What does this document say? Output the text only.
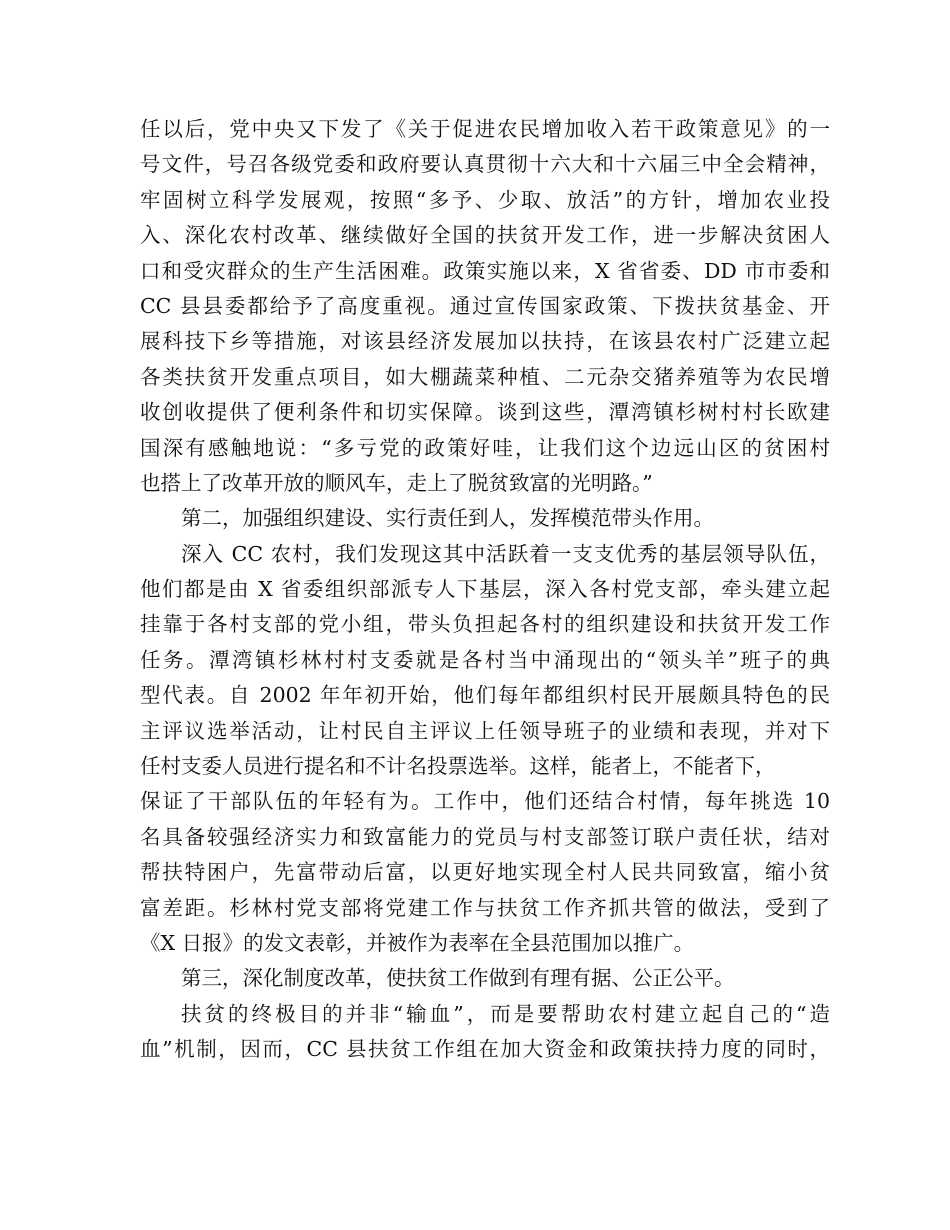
任以后，党中央又下发了《关于促进农民增加收入若干政策意见》的一
号文件，号召各级党委和政府要认真贯彻十六大和十六届三中全会精神，
牢固树立科学发展观，按照“多予、少取、放活”的方针，增加农业投
入、深化农村改革、继续做好全国的扶贫开发工作，进一步解决贫困人
口和受灾群众的生产生活困难。政策实施以来，X 省省委、DD 市市委和
CC 县县委都给予了高度重视。通过宣传国家政策、下拨扶贫基金、开
展科技下乡等措施，对该县经济发展加以扶持，在该县农村广泛建立起
各类扶贫开发重点项目，如大棚蔬菜种植、二元杂交猪养殖等为农民增
收创收提供了便利条件和切实保障。谈到这些，潭湾镇杉树村村长欧建
国深有感触地说：“多亏党的政策好哇，让我们这个边远山区的贫困村
也搭上了改革开放的顺风车，走上了脱贫致富的光明路。”
第二，加强组织建设、实行责任到人，发挥模范带头作用。
深入 CC 农村，我们发现这其中活跃着一支支优秀的基层领导队伍，
他们都是由 X 省委组织部派专人下基层，深入各村党支部，牵头建立起
挂靠于各村支部的党小组，带头负担起各村的组织建设和扶贫开发工作
任务。潭湾镇杉林村村支委就是各村当中涌现出的“领头羊”班子的典
型代表。自 2002 年年初开始，他们每年都组织村民开展颇具特色的民
主评议选举活动，让村民自主评议上任领导班子的业绩和表现，并对下
任村支委人员进行提名和不计名投票选举。这样，能者上，不能者下，
保证了干部队伍的年轻有为。工作中，他们还结合村情，每年挑选 10
名具备较强经济实力和致富能力的党员与村支部签订联户责任状，结对
帮扶特困户，先富带动后富，以更好地实现全村人民共同致富，缩小贫
富差距。杉林村党支部将党建工作与扶贫工作齐抓共管的做法，受到了
《X 日报》的发文表彰，并被作为表率在全县范围加以推广。
第三，深化制度改革，使扶贫工作做到有理有据、公正公平。
扶贫的终极目的并非“输血”，而是要帮助农村建立起自己的“造
血”机制，因而，CC 县扶贫工作组在加大资金和政策扶持力度的同时，
